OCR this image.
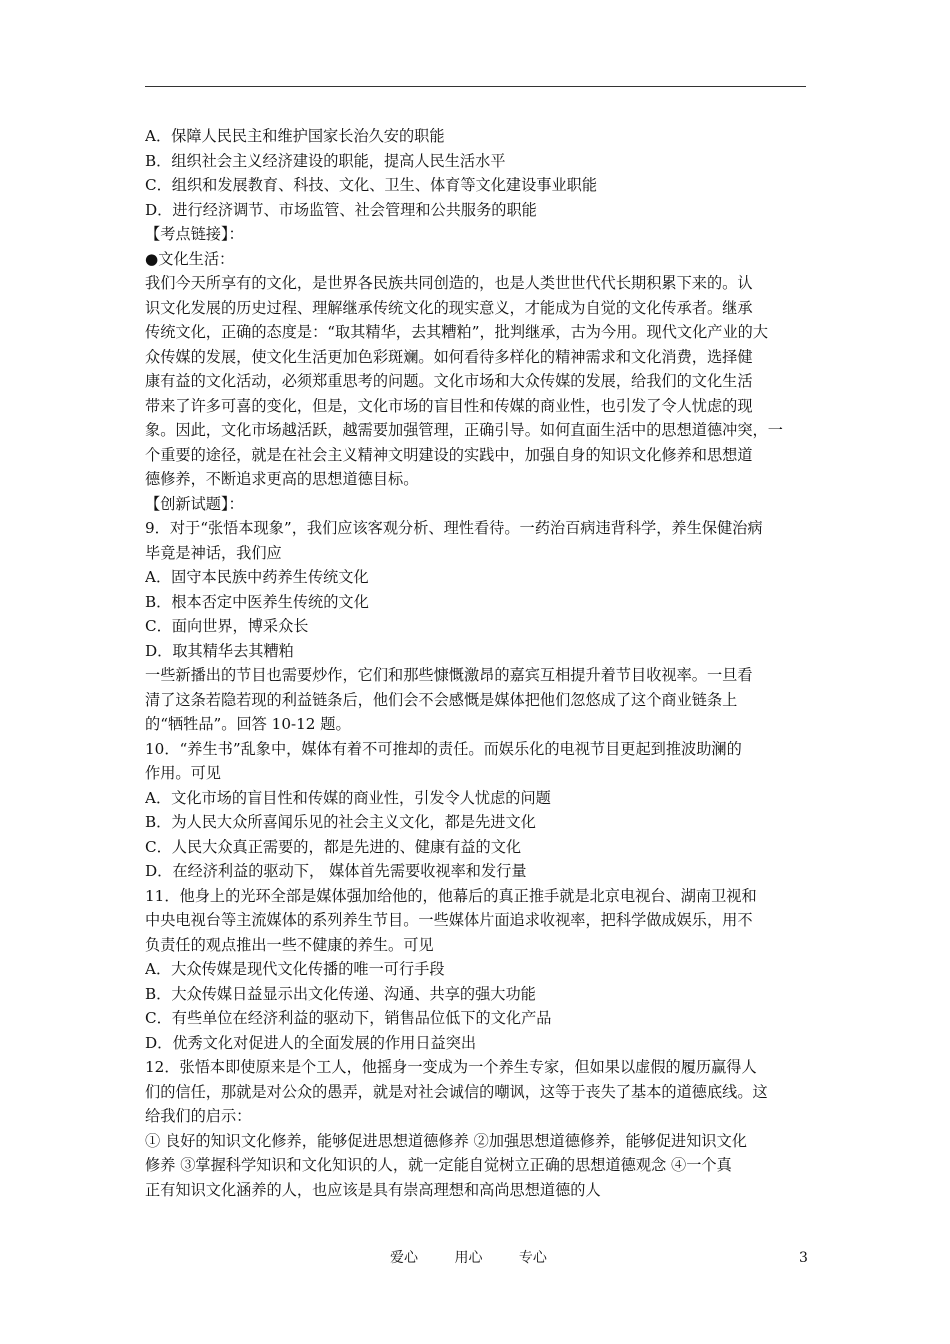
A．保障人民民主和维护国家长治久安的职能
B．组织社会主义经济建设的职能，提高人民生活水平
C．组织和发展教育、科技、文化、卫生、体育等文化建设事业职能
D．进行经济调节、市场监管、社会管理和公共服务的职能
【考点链接】：
●文化生活：
我们今天所享有的文化，是世界各民族共同创造的，也是人类世世代代长期积累下来的。认
识文化发展的历史过程、理解继承传统文化的现实意义，才能成为自觉的文化传承者。继承
传统文化，正确的态度是：“取其精华，去其糟粕”，批判继承，古为今用。现代文化产业的大
众传媒的发展，使文化生活更加色彩斑斓。如何看待多样化的精神需求和文化消费，选择健
康有益的文化活动，必须郑重思考的问题。文化市场和大众传媒的发展，给我们的文化生活
带来了许多可喜的变化，但是，文化市场的盲目性和传媒的商业性，也引发了令人忧虑的现
象。因此，文化市场越活跃，越需要加强管理，正确引导。如何直面生活中的思想道德冲突，一
个重要的途径，就是在社会主义精神文明建设的实践中，加强自身的知识文化修养和思想道
德修养，不断追求更高的思想道德目标。
【创新试题】：
9．对于“张悟本现象”，我们应该客观分析、理性看待。一药治百病违背科学，养生保健治病
毕竟是神话，我们应
A．固守本民族中药养生传统文化
B．根本否定中医养生传统的文化
C．面向世界，博采众长
D．取其精华去其糟粕
一些新播出的节目也需要炒作，它们和那些慷慨激昂的嘉宾互相提升着节目收视率。一旦看
清了这条若隐若现的利益链条后，他们会不会感慨是媒体把他们忽悠成了这个商业链条上
的“牺牲品”。回答 10-12 题。
10．“养生书”乱象中，媒体有着不可推却的责任。而娱乐化的电视节目更起到推波助澜的
作用。可见
A．文化市场的盲目性和传媒的商业性，引发令人忧虑的问题
B．为人民大众所喜闻乐见的社会主义文化，都是先进文化
C．人民大众真正需要的，都是先进的、健康有益的文化
D．在经济利益的驱动下， 媒体首先需要收视率和发行量
11．他身上的光环全部是媒体强加给他的，他幕后的真正推手就是北京电视台、湖南卫视和
中央电视台等主流媒体的系列养生节目。一些媒体片面追求收视率，把科学做成娱乐，用不
负责任的观点推出一些不健康的养生。可见
A．大众传媒是现代文化传播的唯一可行手段
B．大众传媒日益显示出文化传递、沟通、共享的强大功能
C．有些单位在经济利益的驱动下，销售品位低下的文化产品
D．优秀文化对促进人的全面发展的作用日益突出
12．张悟本即使原来是个工人，他摇身一变成为一个养生专家，但如果以虚假的履历赢得人
们的信任，那就是对公众的愚弄，就是对社会诚信的嘲讽，这等于丧失了基本的道德底线。这
给我们的启示：
① 良好的知识文化修养，能够促进思想道德修养 ②加强思想道德修养，能够促进知识文化
修养 ③掌握科学知识和文化知识的人，就一定能自觉树立正确的思想道德观念 ④一个真
正有知识文化涵养的人，也应该是具有崇高理想和高尚思想道德的人
爱心	用心	专心	3
